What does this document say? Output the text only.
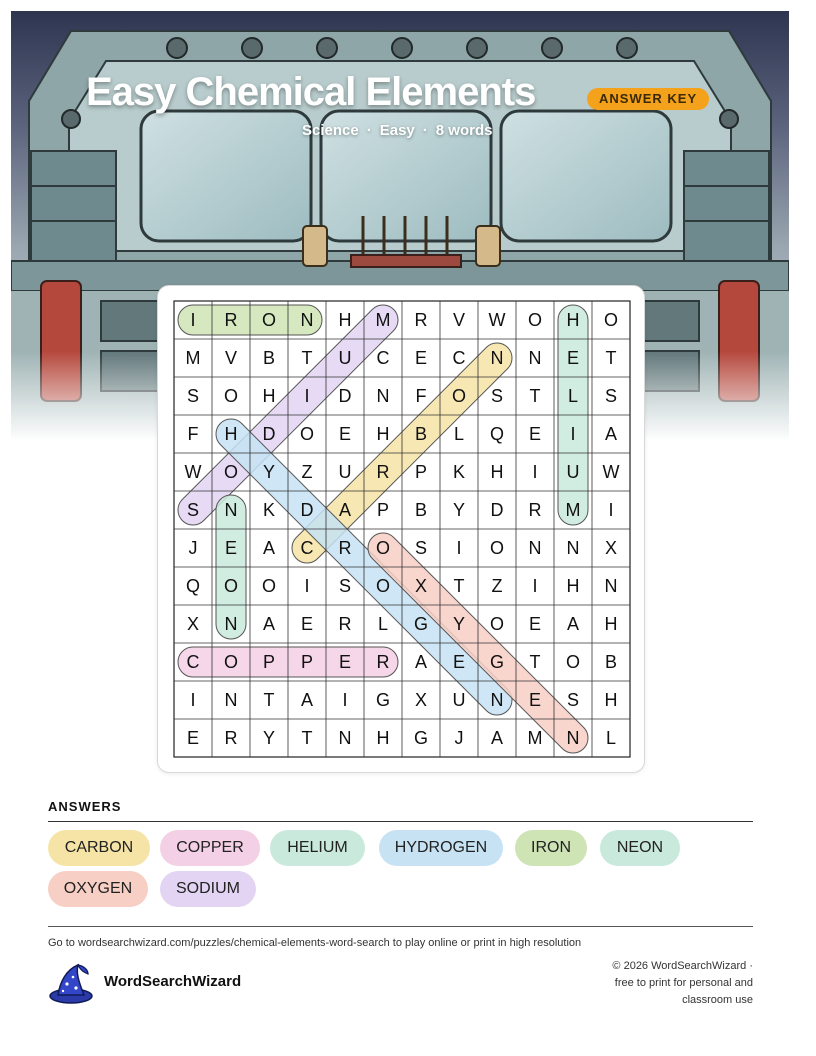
Easy Chemical Elements	ANSWER KEY
Science · Easy · 8 words
I R O N H M R V W O H O
M V B T U C E C N N E T
S O H I D N F O S T L S
F H D O E H B L Q E I A
W O Y Z U R P K H I U W
S N K D A P B Y D R M I
J E A C R O S I O N N X
Q O O I S O X T Z I H N
X N A E R L G Y O E A H
C O P P E R A E G T O B
I N T A I G X U N E S H
E R Y T N H G J A M N L
ANSWERS
CARBON	COPPER	HELIUM	HYDROGEN	IRON	NEON
OXYGEN	SODIUM
Go to wordsearchwizard.com/puzzles/chemical-elements-word-search to play online or print in high resolution
WordSearchWizard
© 2026 WordSearchWizard ·
free to print for personal and
classroom use
